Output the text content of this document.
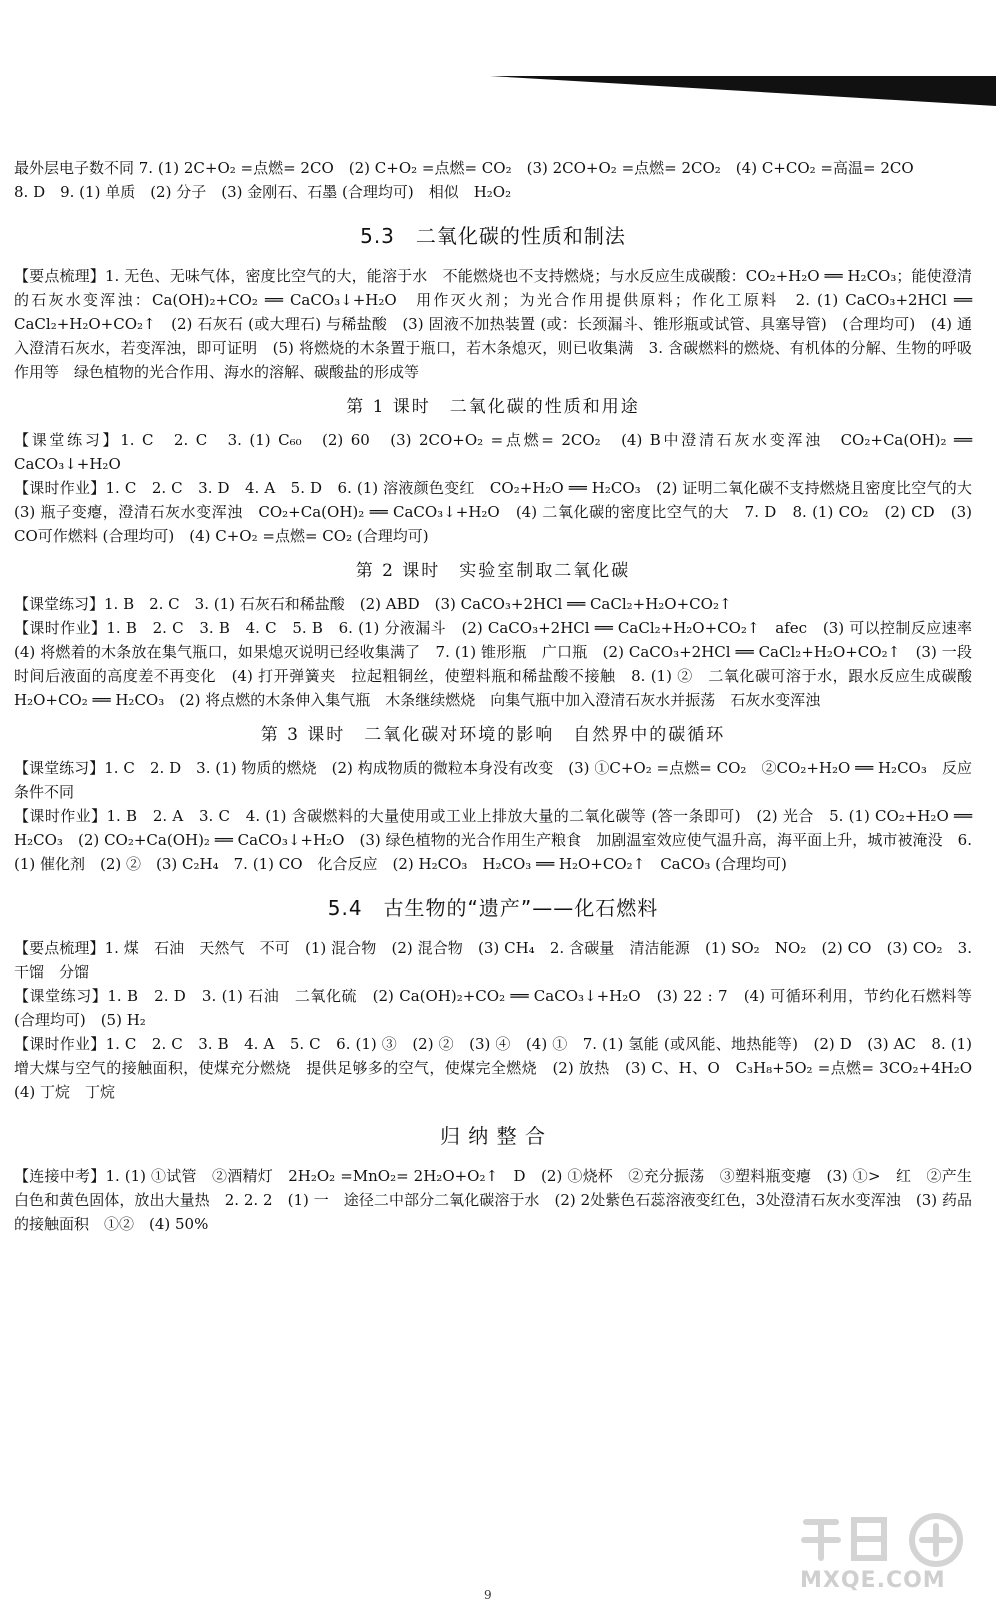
最外层电子数不同 7. (1) 2C+O₂ =点燃= 2CO　(2) C+O₂ =点燃= CO₂　(3) 2CO+O₂ =点燃= 2CO₂　(4) C+CO₂ =高温= 2CO

8. D　9. (1) 单质　(2) 分子　(3) 金刚石、石墨 (合理均可)　相似　H₂O₂

5.3　二氧化碳的性质和制法

【要点梳理】1. 无色、无味气体，密度比空气的大，能溶于水　不能燃烧也不支持燃烧；与水反应生成碳酸：CO₂+H₂O ══ H₂CO₃；能使澄清的石灰水变浑浊：Ca(OH)₂+CO₂ ══ CaCO₃↓+H₂O　用作灭火剂；为光合作用提供原料；作化工原料　2. (1) CaCO₃+2HCl ══ CaCl₂+H₂O+CO₂↑　(2) 石灰石 (或大理石) 与稀盐酸　(3) 固液不加热装置 (或：长颈漏斗、锥形瓶或试管、具塞导管)　(合理均可)　(4) 通入澄清石灰水，若变浑浊，即可证明　(5) 将燃烧的木条置于瓶口，若木条熄灭，则已收集满　3. 含碳燃料的燃烧、有机体的分解、生物的呼吸作用等　绿色植物的光合作用、海水的溶解、碳酸盐的形成等

第 1 课时　二氧化碳的性质和用途

【课堂练习】1. C　2. C　3. (1) C₆₀　(2) 60　(3) 2CO+O₂ =点燃= 2CO₂　(4) B中澄清石灰水变浑浊　CO₂+Ca(OH)₂ ══ CaCO₃↓+H₂O

【课时作业】1. C　2. C　3. D　4. A　5. D　6. (1) 溶液颜色变红　CO₂+H₂O ══ H₂CO₃　(2) 证明二氧化碳不支持燃烧且密度比空气的大　(3) 瓶子变瘪，澄清石灰水变浑浊　CO₂+Ca(OH)₂ ══ CaCO₃↓+H₂O　(4) 二氧化碳的密度比空气的大　7. D　8. (1) CO₂　(2) CD　(3) CO可作燃料 (合理均可)　(4) C+O₂ =点燃= CO₂ (合理均可)

第 2 课时　实验室制取二氧化碳

【课堂练习】1. B　2. C　3. (1) 石灰石和稀盐酸　(2) ABD　(3) CaCO₃+2HCl ══ CaCl₂+H₂O+CO₂↑

【课时作业】1. B　2. C　3. B　4. C　5. B　6. (1) 分液漏斗　(2) CaCO₃+2HCl ══ CaCl₂+H₂O+CO₂↑　afec　(3) 可以控制反应速率　(4) 将燃着的木条放在集气瓶口，如果熄灭说明已经收集满了　7. (1) 锥形瓶　广口瓶　(2) CaCO₃+2HCl ══ CaCl₂+H₂O+CO₂↑　(3) 一段时间后液面的高度差不再变化　(4) 打开弹簧夹　拉起粗铜丝，使塑料瓶和稀盐酸不接触　8. (1) ②　二氧化碳可溶于水，跟水反应生成碳酸　H₂O+CO₂ ══ H₂CO₃　(2) 将点燃的木条伸入集气瓶　木条继续燃烧　向集气瓶中加入澄清石灰水并振荡　石灰水变浑浊

第 3 课时　二氧化碳对环境的影响　自然界中的碳循环

【课堂练习】1. C　2. D　3. (1) 物质的燃烧　(2) 构成物质的微粒本身没有改变　(3) ①C+O₂ =点燃= CO₂　②CO₂+H₂O ══ H₂CO₃　反应条件不同

【课时作业】1. B　2. A　3. C　4. (1) 含碳燃料的大量使用或工业上排放大量的二氧化碳等 (答一条即可)　(2) 光合　5. (1) CO₂+H₂O ══ H₂CO₃　(2) CO₂+Ca(OH)₂ ══ CaCO₃↓+H₂O　(3) 绿色植物的光合作用生产粮食　加剧温室效应使气温升高，海平面上升，城市被淹没　6. (1) 催化剂　(2) ②　(3) C₂H₄　7. (1) CO　化合反应　(2) H₂CO₃　H₂CO₃ ══ H₂O+CO₂↑　CaCO₃ (合理均可)

5.4　古生物的“遗产”——化石燃料

【要点梳理】1. 煤　石油　天然气　不可　(1) 混合物　(2) 混合物　(3) CH₄　2. 含碳量　清洁能源　(1) SO₂　NO₂　(2) CO　(3) CO₂　3. 干馏　分馏

【课堂练习】1. B　2. D　3. (1) 石油　二氧化硫　(2) Ca(OH)₂+CO₂ ══ CaCO₃↓+H₂O　(3) 22 : 7　(4) 可循环利用，节约化石燃料等 (合理均可)　(5) H₂

【课时作业】1. C　2. C　3. B　4. A　5. C　6. (1) ③　(2) ②　(3) ④　(4) ①　7. (1) 氢能 (或风能、地热能等)　(2) D　(3) AC　8. (1) 增大煤与空气的接触面积，使煤充分燃烧　提供足够多的空气，使煤完全燃烧　(2) 放热　(3) C、H、O　C₃H₈+5O₂ =点燃= 3CO₂+4H₂O　(4) 丁烷　丁烷

归 纳 整 合

【连接中考】1. (1) ①试管　②酒精灯　2H₂O₂ =MnO₂= 2H₂O+O₂↑　D　(2) ①烧杯　②充分振荡　③塑料瓶变瘪　(3) ①>　红　②产生白色和黄色固体，放出大量热　2. 2. 2　(1) 一　途径二中部分二氧化碳溶于水　(2) 2处紫色石蕊溶液变红色，3处澄清石灰水变浑浊　(3) 药品的接触面积　①②　(4) 50%

MXQE.COM
9
